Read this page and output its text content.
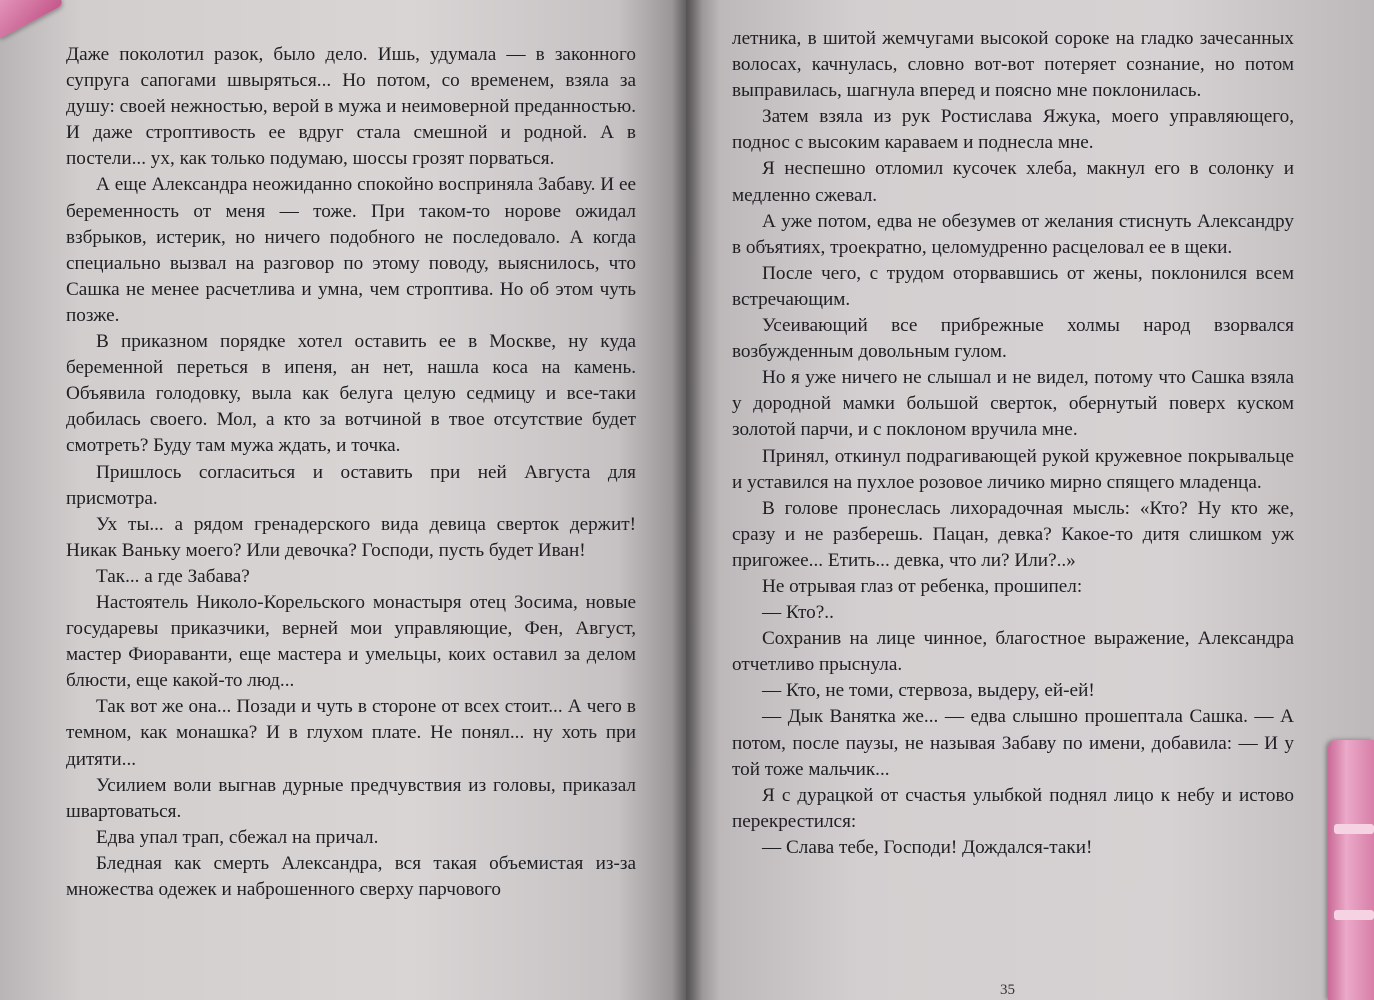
Даже поколотил разок, было дело. Ишь, удумала — в законного супруга сапогами швыряться... Но потом, со временем, взяла за душу: своей нежностью, верой в мужа и неимоверной преданностью. И даже строптивость ее вдруг стала смешной и родной. А в постели... ух, как только подумаю, шоссы грозят порваться.

А еще Александра неожиданно спокойно восприняла Забаву. И ее беременность от меня — тоже. При таком-то норове ожидал взбрыков, истерик, но ничего подобного не последовало. А когда специально вызвал на разговор по этому поводу, выяснилось, что Сашка не менее расчетлива и умна, чем строптива. Но об этом чуть позже.

В приказном порядке хотел оставить ее в Москве, ну куда беременной переться в ипеня, ан нет, нашла коса на камень. Объявила голодовку, выла как белуга целую седмицу и все-таки добилась своего. Мол, а кто за вотчиной в твое отсутствие будет смотреть? Буду там мужа ждать, и точка.

Пришлось согласиться и оставить при ней Августа для присмотра.

Ух ты... а рядом гренадерского вида девица сверток держит! Никак Ваньку моего? Или девочка? Господи, пусть будет Иван!

Так... а где Забава?

Настоятель Николо-Корельского монастыря отец Зосима, новые государевы приказчики, верней мои управляющие, Фен, Август, мастер Фиораванти, еще мастера и умельцы, коих оставил за делом блюсти, еще какой-то люд...

Так вот же она... Позади и чуть в стороне от всех стоит... А чего в темном, как монашка? И в глухом плате. Не понял... ну хоть при дитяти...

Усилием воли выгнав дурные предчувствия из головы, приказал швартоваться.

Едва упал трап, сбежал на причал.

Бледная как смерть Александра, вся такая объемистая из-за множества одежек и наброшенного сверху парчового

летника, в шитой жемчугами высокой сороке на гладко зачесанных волосах, качнулась, словно вот-вот потеряет сознание, но потом выправилась, шагнула вперед и поясно мне поклонилась.

Затем взяла из рук Ростислава Яжука, моего управляющего, поднос с высоким караваем и поднесла мне.

Я неспешно отломил кусочек хлеба, макнул его в солонку и медленно сжевал.

А уже потом, едва не обезумев от желания стиснуть Александру в объятиях, троекратно, целомудренно расцеловал ее в щеки.

После чего, с трудом оторвавшись от жены, поклонился всем встречающим.

Усеивающий все прибрежные холмы народ взорвался возбужденным довольным гулом.

Но я уже ничего не слышал и не видел, потому что Сашка взяла у дородной мамки большой сверток, обернутый поверх куском золотой парчи, и с поклоном вручила мне.

Принял, откинул подрагивающей рукой кружевное покрывальце и уставился на пухлое розовое личико мирно спящего младенца.

В голове пронеслась лихорадочная мысль: «Кто? Ну кто же, сразу и не разберешь. Пацан, девка? Какое-то дитя слишком уж пригожее... Етить... девка, что ли? Или?..»

Не отрывая глаз от ребенка, прошипел:

— Кто?..

Сохранив на лице чинное, благостное выражение, Александра отчетливо прыснула.

— Кто, не томи, стервоза, выдеру, ей-ей!

— Дык Ванятка же... — едва слышно прошептала Сашка. — А потом, после паузы, не называя Забаву по имени, добавила: — И у той тоже мальчик...

Я с дурацкой от счастья улыбкой поднял лицо к небу и истово перекрестился:

— Слава тебе, Господи! Дождался-таки!

35
